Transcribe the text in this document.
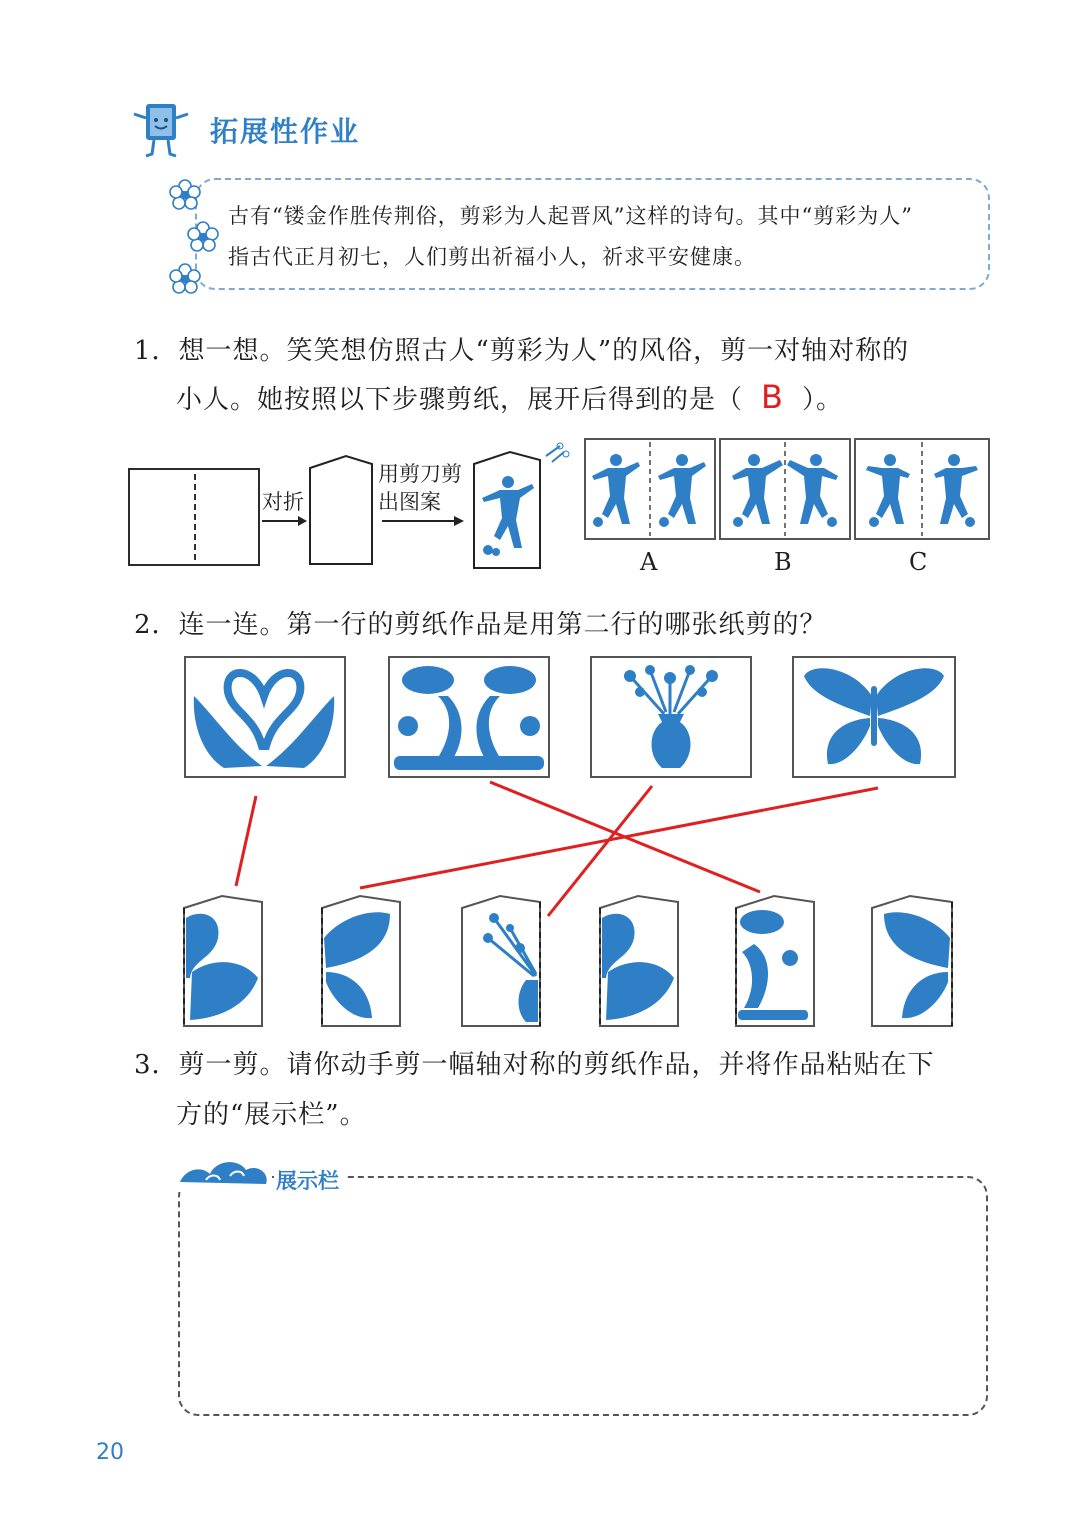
拓展性作业
古有“镂金作胜传荆俗，剪彩为人起晋风”这样的诗句。其中“剪彩为人”
指古代正月初七，人们剪出祈福小人，祈求平安健康。
1．想一想。笑笑想仿照古人“剪彩为人”的风俗，剪一对轴对称的
小人。她按照以下步骤剪纸，展开后得到的是（ B ）。
对折
用剪刀剪
出图案
A	B	C
2．连一连。第一行的剪纸作品是用第二行的哪张纸剪的？
3．剪一剪。请你动手剪一幅轴对称的剪纸作品，并将作品粘贴在下
方的“展示栏”。
展示栏
20
